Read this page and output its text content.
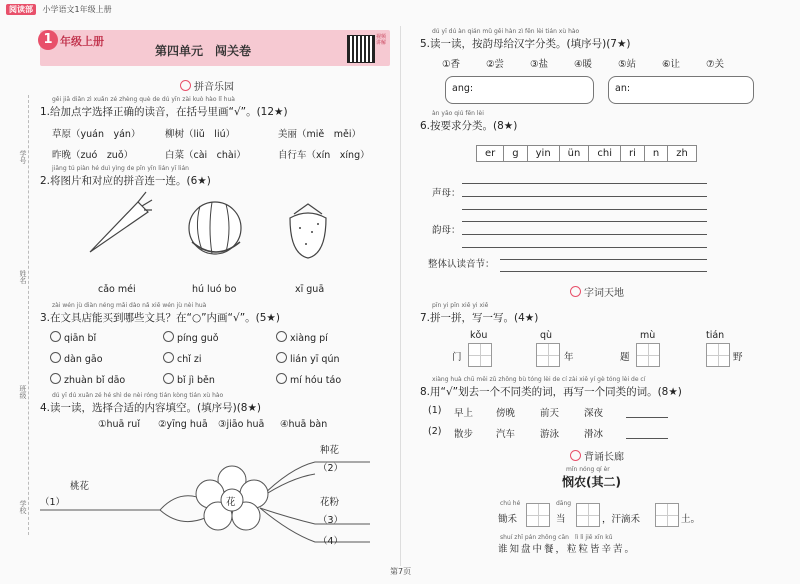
阅读部 小学语文1年级上册
1 年级上册
第四单元　闯关卷
视频讲解
学号
姓名
班级
学校
拼音乐园
gěi jiā diǎn zì xuǎn zé zhèng què de dú yīn zài kuò hào lǐ huà
1.给加点字选择正确的读音，在括号里画“√”。(12★)
草原（yuán　yán）	柳树（liǔ　liú）	美丽（miě　měi）
昨晚（zuó　zuǒ）	白菜（cài　chài）	自行车（xín　xíng）
jiāng tú piàn hé duì yìng de pīn yīn lián yī lián
2.将图片和对应的拼音连一连。(6★)
cǎo méi	hú luó bo	xī guā
zài wén jù diàn néng mǎi dào nǎ xiē wén jù nèi huà
3.在文具店能买到哪些文具？在“○”内画“√”。(5★)
qiān bǐ	píng guǒ	xiàng pí
dàn gāo	chǐ zi	lián yī qún
zhuàn bǐ dāo	bǐ jì běn	mí hóu táo
dú yī dú xuǎn zé hé shì de nèi róng tián kòng tián xù hào
4.读一读，选择合适的内容填空。(填序号)(8★)
①huā ruǐ ②yīng huā ③jiāo huā ④huā bàn
花
桃花
（1）
种花
（2）
花粉
（3）
（4）
dú yī dú àn qián mǔ gěi hàn zì fēn lèi tián xù hào
5.读一读，按韵母给汉字分类。(填序号)(7★)
①香	②尝	③盐	④暖	⑤站	⑥让	⑦关
ang:	an:
àn yāo qiú fēn lèi
6.按要求分类。(8★)
er g yin ün chi ri n zh
声母：
韵母：
整体认读音节：
字词天地
pīn yi pīn xiě yi xiě
7.拼一拼，写一写。(4★)
kǒu
门
qù
年
mù
题
tián
野
xiàng huà chū měi zǔ zhōng bù tóng lèi de cí zài xiě yí gè tóng lèi de cí
8.用“√”划去一个不同类的词，再写一个同类的词。(8★)
(1) 早上 傍晚	前天	深夜
(2) 散步 汽车	游泳	滑冰
背诵长廊
mǐn nóng qí èr
悯农(其二)
chú hé
锄禾
dāng
当	，汗滴禾	土。
shuí zhī pán zhōng cān　lì lì jiē xīn kǔ
谁知盘中餐，粒粒皆辛苦。
第7页
